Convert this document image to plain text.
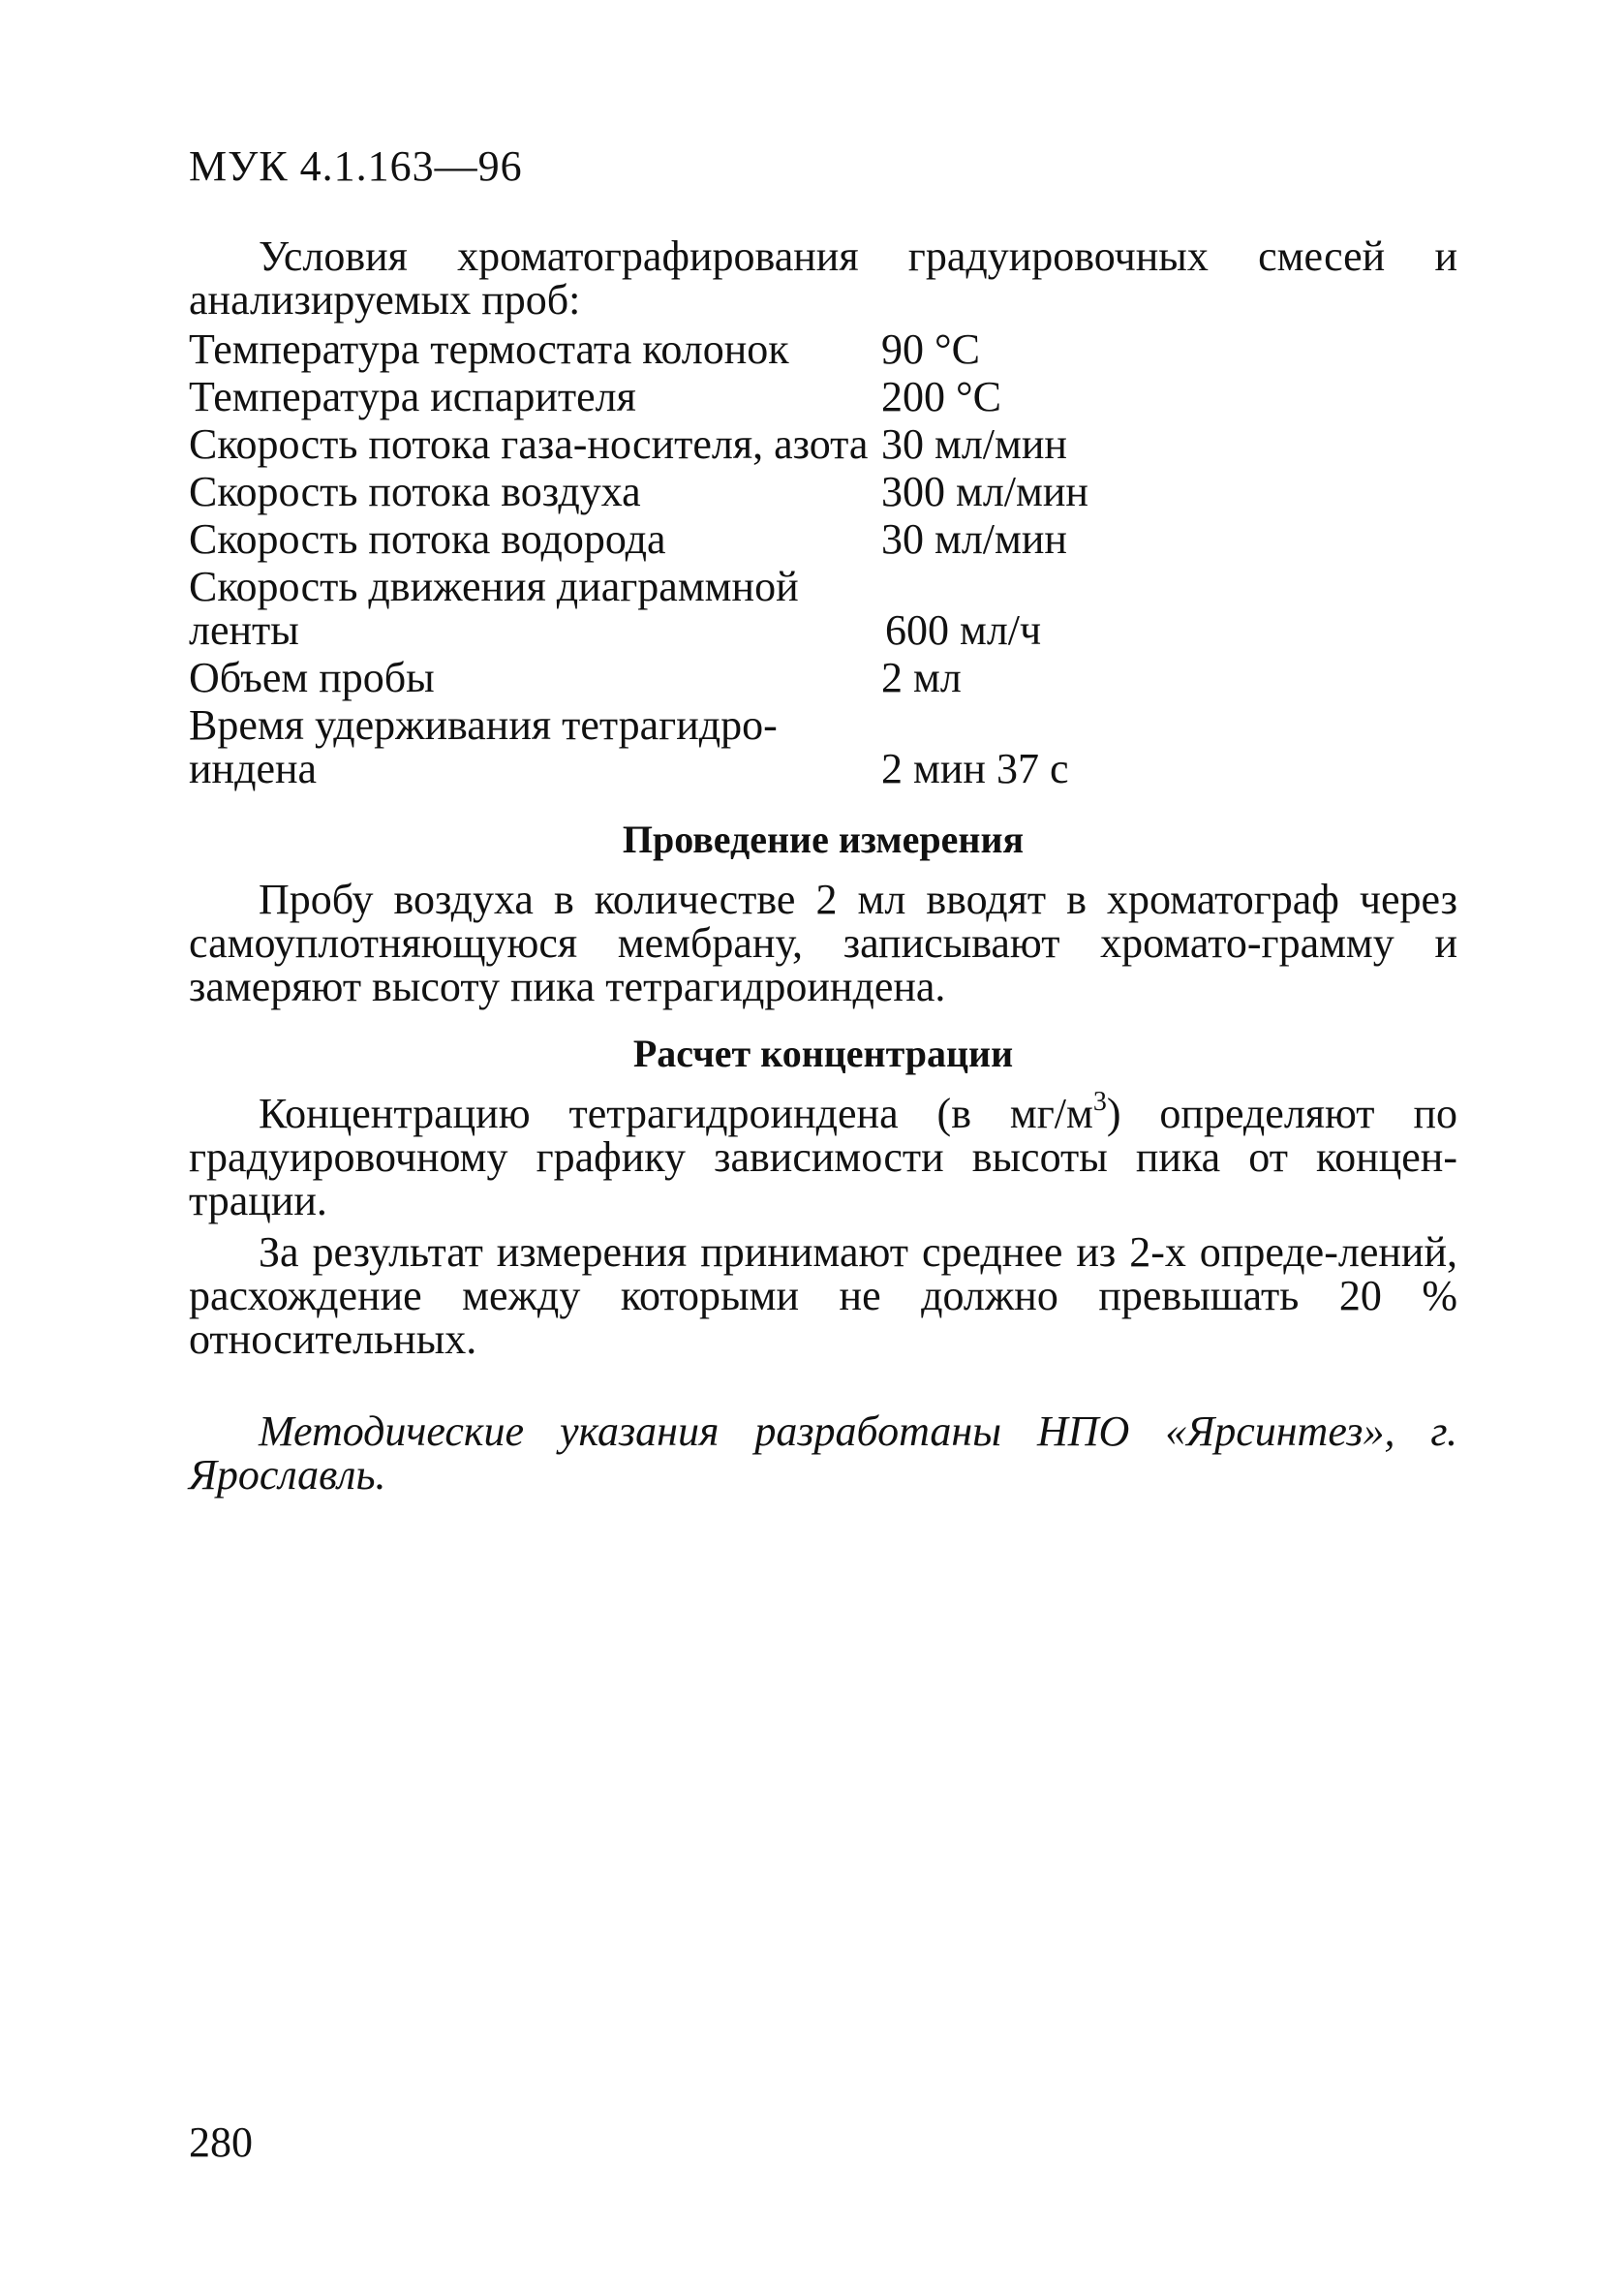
МУК 4.1.163—96

Условия хроматографирования градуировочных смесей и анализируемых проб:

Температура термостата колонок	90 °С
Температура испарителя	200 °С
Скорость потока газа-носителя, азота	30 мл/мин
Скорость потока воздуха	300 мл/мин
Скорость потока водорода	30 мл/мин
Скорость движения диаграммной ленты	600 мл/ч
Объем пробы	2 мл
Время удерживания тетрагидро-индена	2 мин 37 с
Проведение измерения

Пробу воздуха в количестве 2 мл вводят в хроматограф через самоуплотняющуюся мембрану, записывают хромато-грамму и замеряют высоту пика тетрагидроиндена.

Расчет концентрации

Концентрацию тетрагидроиндена (в $мг/м^3$) определяют по градуировочному графику зависимости высоты пика от концен-трации.

За результат измерения принимают среднее из 2-х опреде-лений, расхождение между которыми не должно превышать 20 % относительных.

Методические указания разработаны НПО «Ярсинтез», г. Ярославль.

280
